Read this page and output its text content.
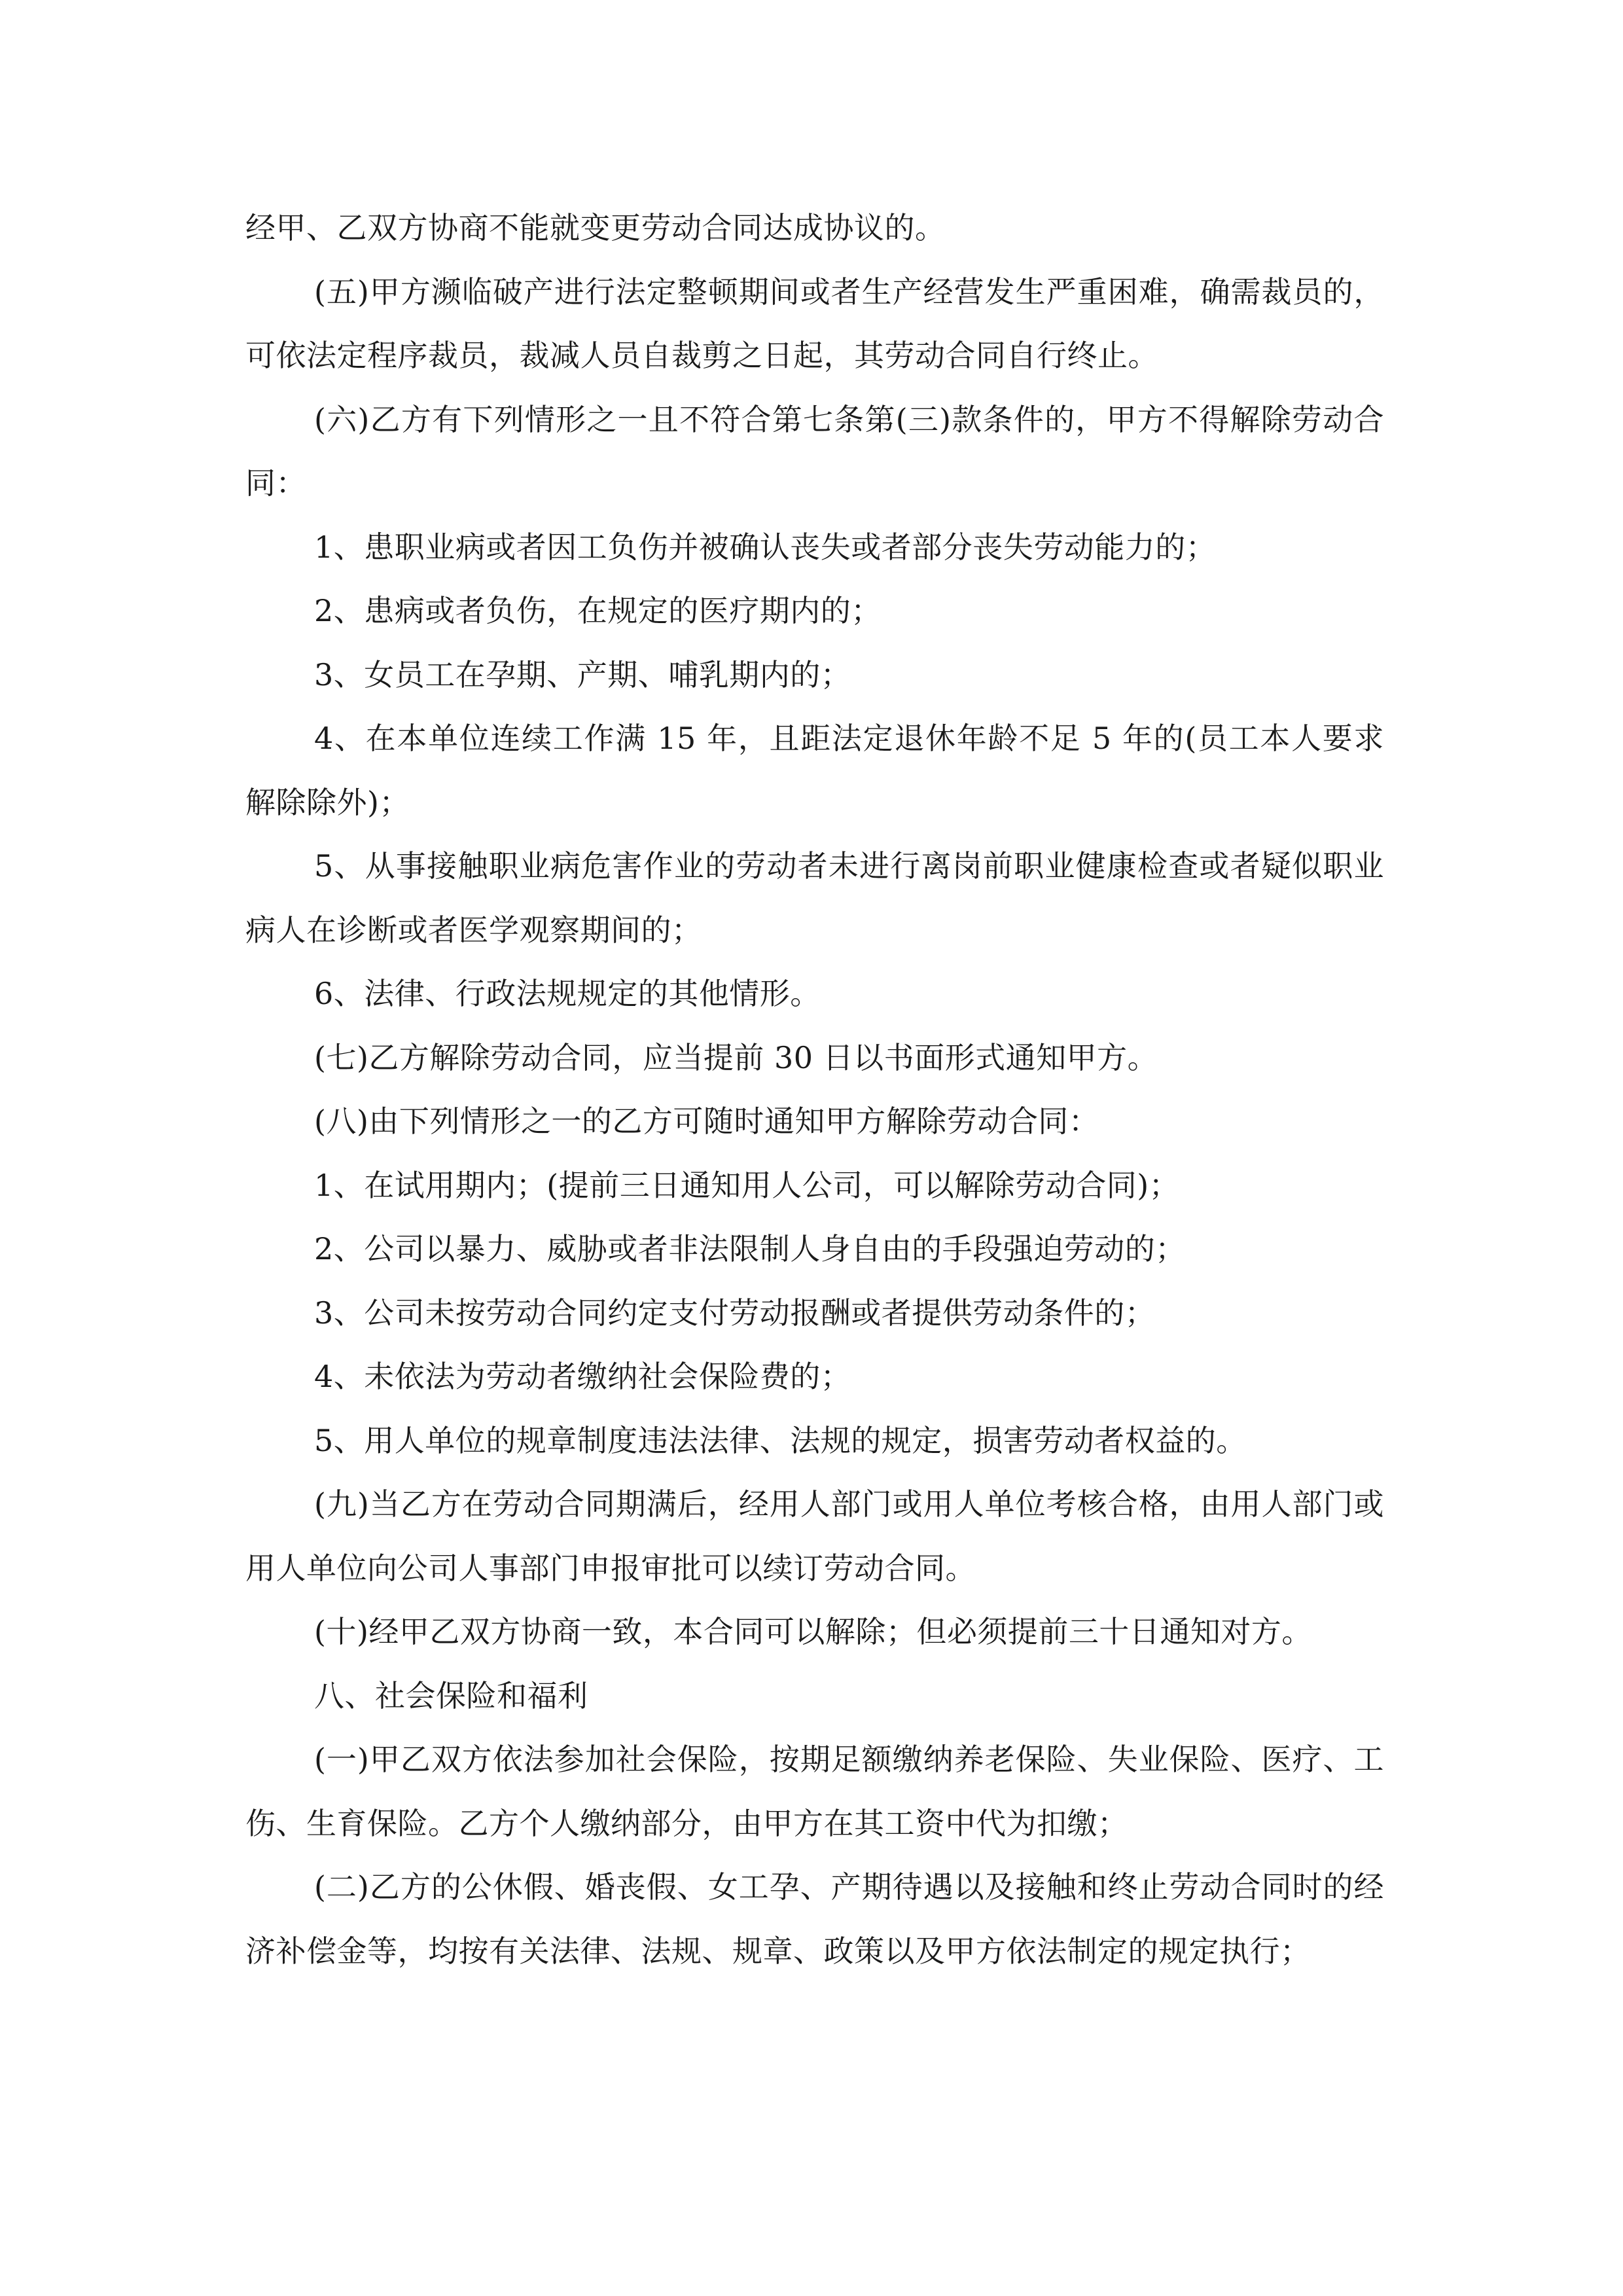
经甲、乙双方协商不能就变更劳动合同达成协议的。

(五)甲方濒临破产进行法定整顿期间或者生产经营发生严重困难，确需裁员的，可依法定程序裁员，裁减人员自裁剪之日起，其劳动合同自行终止。

(六)乙方有下列情形之一且不符合第七条第(三)款条件的，甲方不得解除劳动合同：

1、患职业病或者因工负伤并被确认丧失或者部分丧失劳动能力的；

2、患病或者负伤，在规定的医疗期内的；

3、女员工在孕期、产期、哺乳期内的；

4、在本单位连续工作满 15 年，且距法定退休年龄不足 5 年的(员工本人要求解除除外)；

5、从事接触职业病危害作业的劳动者未进行离岗前职业健康检查或者疑似职业病人在诊断或者医学观察期间的；

6、法律、行政法规规定的其他情形。

(七)乙方解除劳动合同，应当提前 30 日以书面形式通知甲方。

(八)由下列情形之一的乙方可随时通知甲方解除劳动合同：

1、在试用期内；(提前三日通知用人公司，可以解除劳动合同)；

2、公司以暴力、威胁或者非法限制人身自由的手段强迫劳动的；

3、公司未按劳动合同约定支付劳动报酬或者提供劳动条件的；

4、未依法为劳动者缴纳社会保险费的；

5、用人单位的规章制度违法法律、法规的规定，损害劳动者权益的。

(九)当乙方在劳动合同期满后，经用人部门或用人单位考核合格，由用人部门或用人单位向公司人事部门申报审批可以续订劳动合同。

(十)经甲乙双方协商一致，本合同可以解除；但必须提前三十日通知对方。

八、社会保险和福利

(一)甲乙双方依法参加社会保险，按期足额缴纳养老保险、失业保险、医疗、工伤、生育保险。乙方个人缴纳部分，由甲方在其工资中代为扣缴；

(二)乙方的公休假、婚丧假、女工孕、产期待遇以及接触和终止劳动合同时的经济补偿金等，均按有关法律、法规、规章、政策以及甲方依法制定的规定执行；
